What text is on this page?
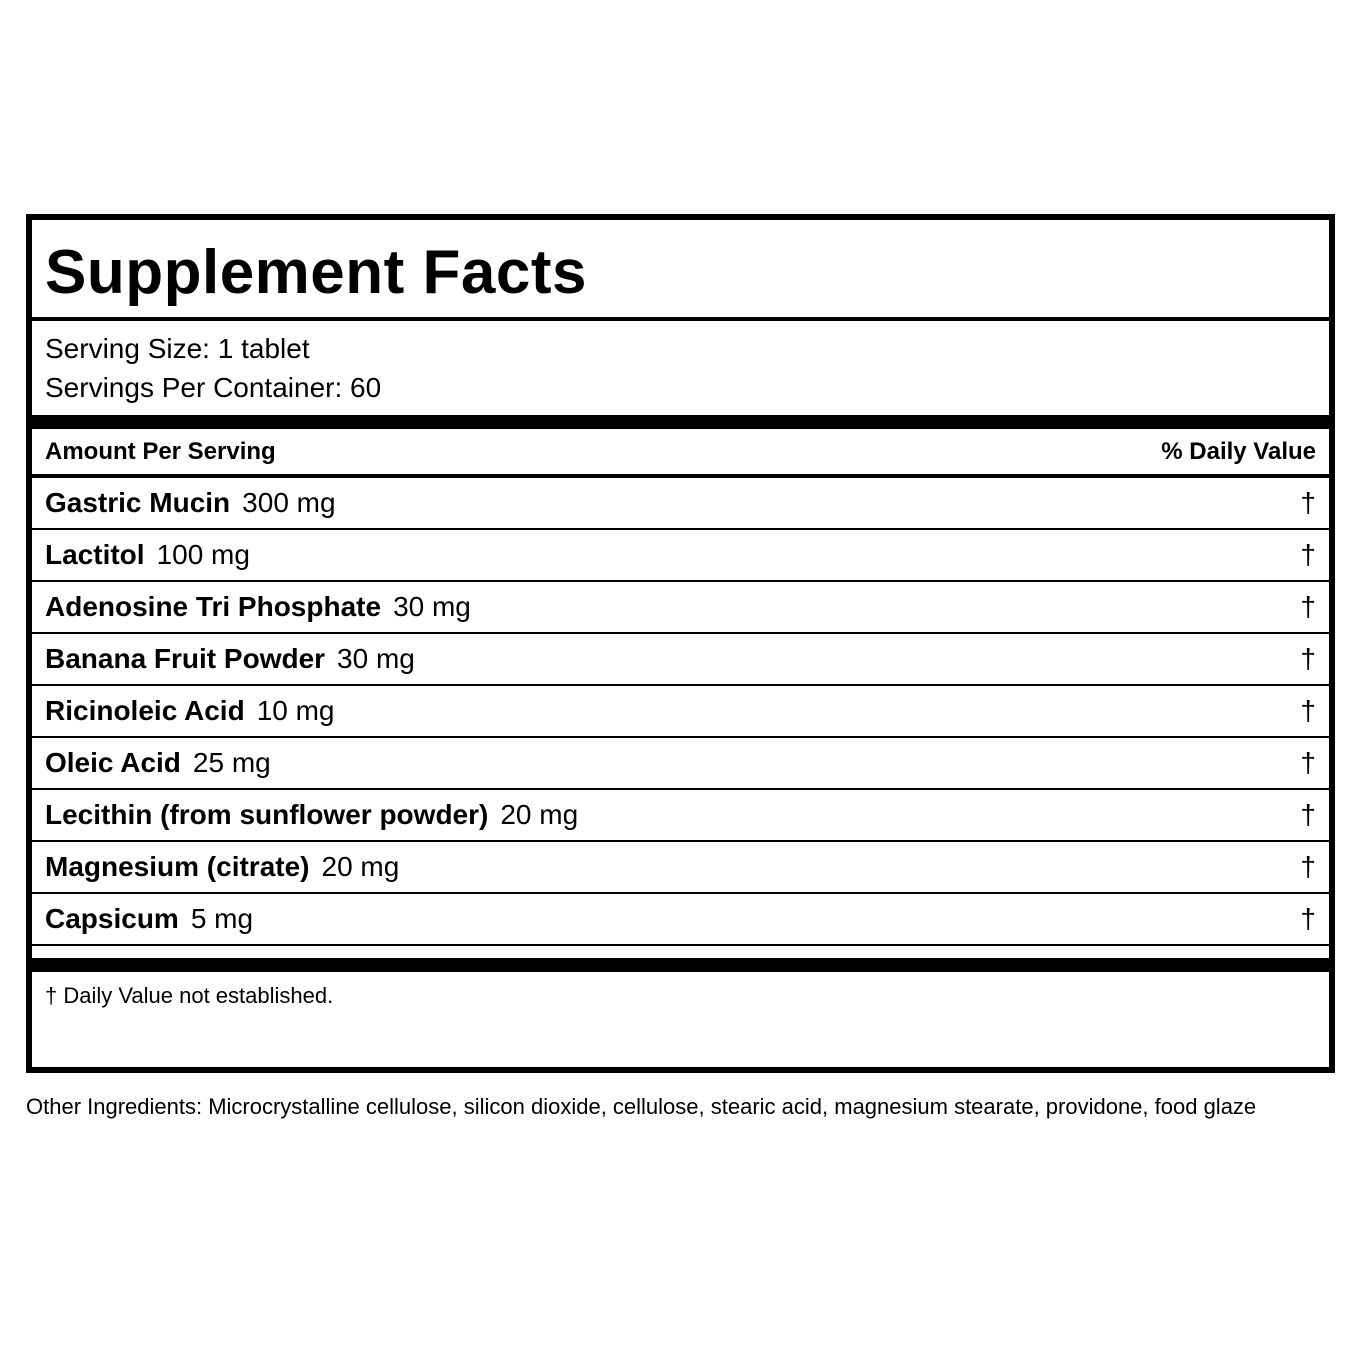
Supplement Facts
Serving Size: 1 tablet
Servings Per Container: 60
Amount Per Serving	% Daily Value
Gastric Mucin 300 mg	†
Lactitol 100 mg	†
Adenosine Tri Phosphate 30 mg	†
Banana Fruit Powder 30 mg	†
Ricinoleic Acid 10 mg	†
Oleic Acid 25 mg	†
Lecithin (from sunflower powder) 20 mg	†
Magnesium (citrate) 20 mg	†
Capsicum 5 mg	†
† Daily Value not established.
Other Ingredients: Microcrystalline cellulose, silicon dioxide, cellulose, stearic acid, magnesium stearate, providone, food glaze
